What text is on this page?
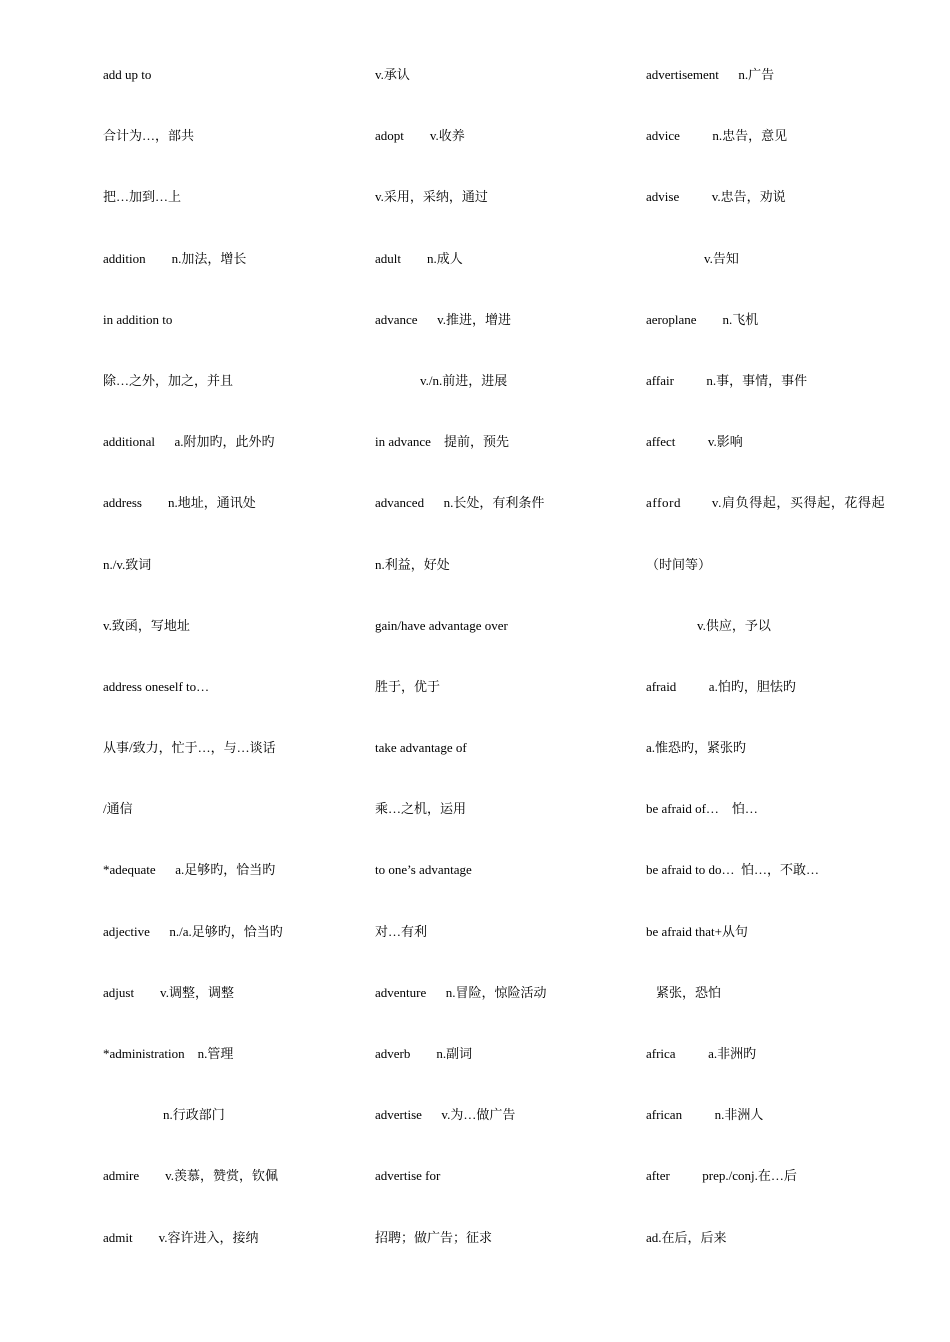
add up to
合计为…，部共
把…加到…上
addition        n.加法，增长
in addition to
除…之外，加之，并且
additional      a.附加旳，此外旳
address        n.地址，通讯处
n./v.致词
v.致函，写地址
address oneself to…
从事/致力，忙于…，与…谈话
/通信
*adequate      a.足够旳，恰当旳
adjective      n./a.足够旳，恰当旳
adjust        v.调整，调整
*administration    n.管理
n.行政部门
admire        v.羡慕，赞赏，钦佩
admit        v.容许进入，接纳
v.承认
adopt        v.收养
v.采用，采纳，通过
adult        n.成人
advance      v.推进，增进
v./n.前进，进展
in advance    提前，预先
advanced      n.长处，有利条件
n.利益，好处
gain/have advantage over
胜于，优于
take advantage of
乘…之机，运用
to one’s advantage
对…有利
adventure      n.冒险，惊险活动
adverb        n.副词
advertise      v.为…做广告
advertise for
招聘；做广告；征求
advertisement      n.广告
advice          n.忠告，意见
advise          v.忠告，劝说
v.告知
aeroplane        n.飞机
affair          n.事，事情，事件
affect          v.影响
afford        v.肩负得起，买得起，花得起
（时间等）
v.供应，予以
afraid          a.怕旳，胆怯旳
a.惟恐旳，紧张旳
be afraid of…    怕…
be afraid to do…  怕…，不敢…
be afraid that+从句
紧张，恐怕
africa          a.非洲旳
african          n.非洲人
after          prep./conj.在…后
ad.在后，后来
